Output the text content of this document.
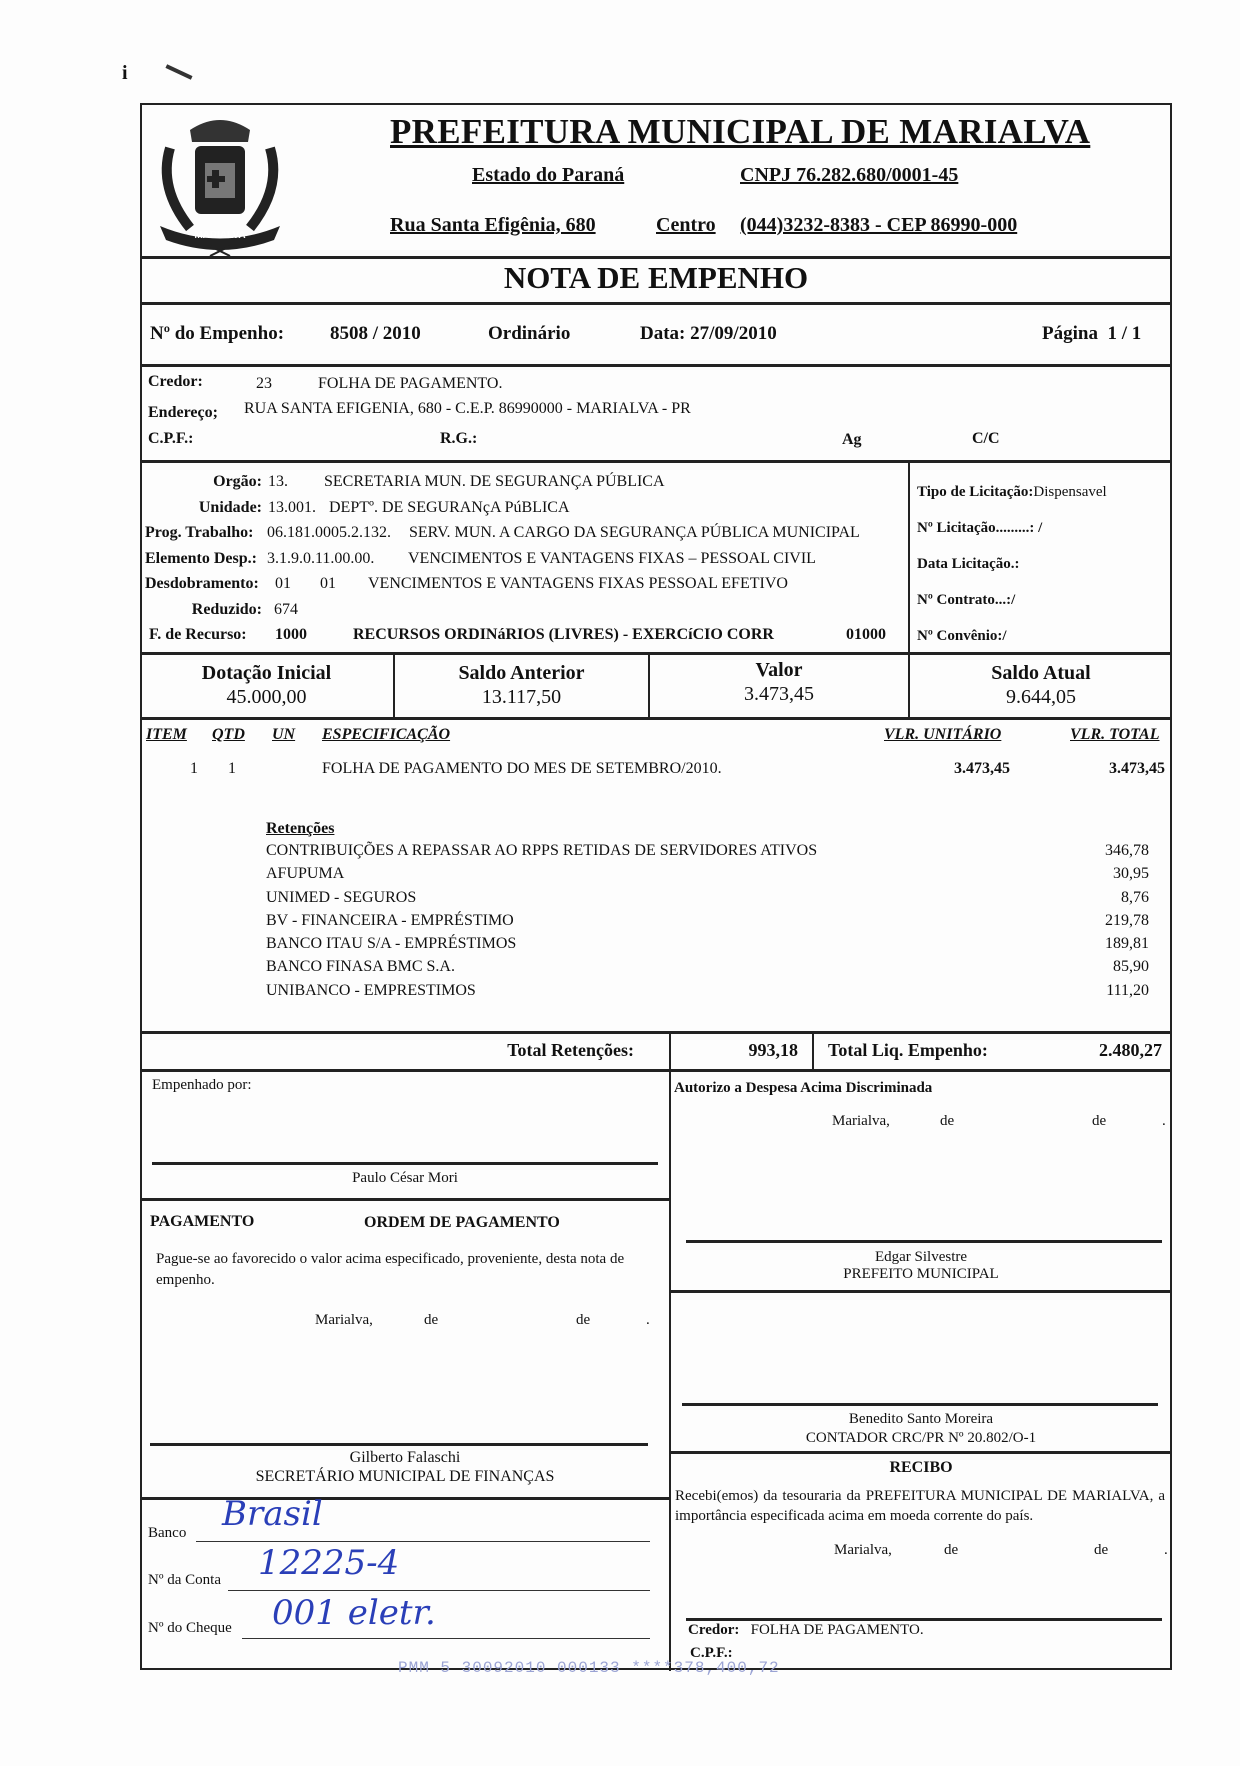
i
MARIALVA
PREFEITURA MUNICIPAL DE MARIALVA
Estado do Paraná	CNPJ 76.282.680/0001-45
Rua Santa Efigênia, 680	Centro (044)3232-8383 - CEP 86990-000
NOTA DE EMPENHO
Nº do Empenho: 8508 / 2010	Ordinário	Data: 27/09/2010	Página 1 / 1
Credor:	23	FOLHA DE PAGAMENTO.
Endereço; RUA SANTA EFIGENIA, 680 - C.E.P. 86990000 - MARIALVA - PR
C.P.F.:	R.G.:	Ag	C/C
Orgão: 13.	SECRETARIA MUN. DE SEGURANÇA PÚBLICA
Unidade: 13.001. DEPTº. DE SEGURANçA PúBLICA
Prog. Trabalho: 06.181.0005.2.132.	SERV. MUN. A CARGO DA SEGURANÇA PÚBLICA MUNICIPAL
Elemento Desp.: 3.1.9.0.11.00.00.	VENCIMENTOS E VANTAGENS FIXAS – PESSOAL CIVIL
Desdobramento:	01	01	VENCIMENTOS E VANTAGENS FIXAS PESSOAL EFETIVO
Reduzido: 674
F. de Recurso:	1000	RECURSOS ORDINáRIOS (LIVRES) - EXERCíCIO CORR	01000
Tipo de Licitação:Dispensavel
Nº Licitação.........: /
Data Licitação.:
Nº Contrato...:/
Nº Convênio:/
Dotação Inicial
45.000,00
Saldo Anterior
13.117,50
Valor
3.473,45
Saldo Atual
9.644,05
ITEM QTD UN ESPECIFICAÇÃO	VLR. UNITÁRIO	VLR. TOTAL
1 1	FOLHA DE PAGAMENTO DO MES DE SETEMBRO/2010.	3.473,45	3.473,45
Retenções
CONTRIBUIÇÕES A REPASSAR AO RPPS RETIDAS DE SERVIDORES ATIVOS	346,78
AFUPUMA	30,95
UNIMED - SEGUROS	8,76
BV - FINANCEIRA - EMPRÉSTIMO	219,78
BANCO ITAU S/A - EMPRÉSTIMOS	189,81
BANCO FINASA BMC S.A.	85,90
UNIBANCO - EMPRESTIMOS	111,20
Total Retenções:	993,18 Total Liq. Empenho:	2.480,27
Empenhado por:
Paulo César Mori
Autorizo a Despesa Acima Discriminada
Marialva,	de	de	.
Edgar Silvestre
PREFEITO MUNICIPAL
PAGAMENTO	ORDEM DE PAGAMENTO
Pague-se ao favorecido o valor acima especificado, proveniente, desta nota de empenho.
Marialva,	de	de	.
Gilberto Falaschi
SECRETÁRIO MUNICIPAL DE FINANÇAS
Benedito Santo Moreira
CONTADOR CRC/PR Nº 20.802/O-1
RECIBO
Recebi(emos) da tesouraria da PREFEITURA MUNICIPAL DE MARIALVA, a importância especificada acima em moeda corrente do país.
Marialva,	de	de	.
Credor: FOLHA DE PAGAMENTO.
C.P.F.:
Banco Brasil
Nº da Conta 12225-4
Nº do Cheque 001 eletr.
PMM 5 30092010 000133 ****378,400,72
